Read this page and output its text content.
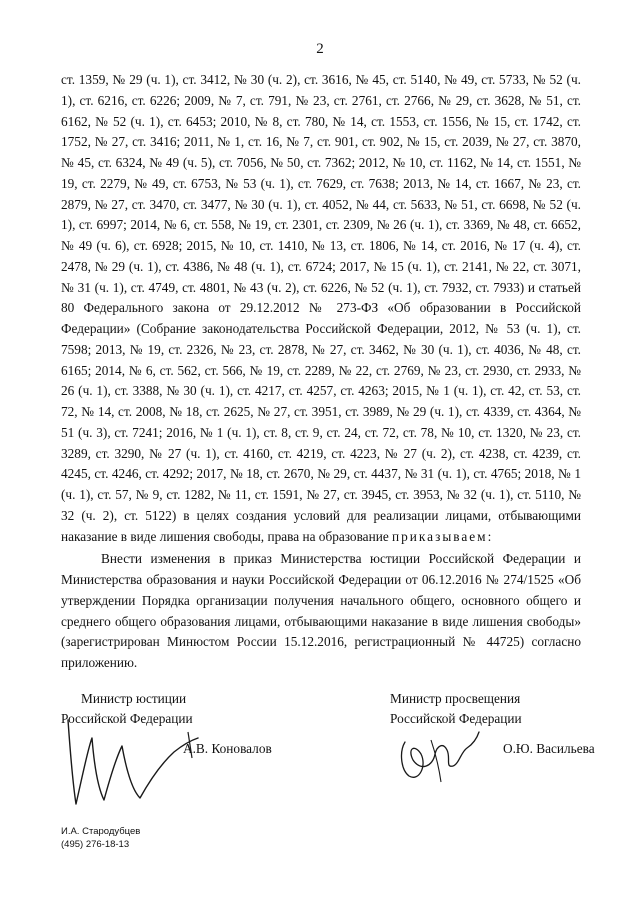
2

ст. 1359, № 29 (ч. 1), ст. 3412, № 30 (ч. 2), ст. 3616, № 45, ст. 5140, № 49, ст. 5733, № 52 (ч. 1), ст. 6216, ст. 6226; 2009, № 7, ст. 791, № 23, ст. 2761, ст. 2766, № 29, ст. 3628, № 51, ст. 6162, № 52 (ч. 1), ст. 6453; 2010, № 8, ст. 780, № 14, ст. 1553, ст. 1556, № 15, ст. 1742, ст. 1752, № 27, ст. 3416; 2011, № 1, ст. 16, № 7, ст. 901, ст. 902, № 15, ст. 2039, № 27, ст. 3870, № 45, ст. 6324, № 49 (ч. 5), ст. 7056, № 50, ст. 7362; 2012, № 10, ст. 1162, № 14, ст. 1551, № 19, ст. 2279, № 49, ст. 6753, № 53 (ч. 1), ст. 7629, ст. 7638; 2013, № 14, ст. 1667, № 23, ст. 2879, № 27, ст. 3470, ст. 3477, № 30 (ч. 1), ст. 4052, № 44, ст. 5633, № 51, ст. 6698, № 52 (ч. 1), ст. 6997; 2014, № 6, ст. 558, № 19, ст. 2301, ст. 2309, № 26 (ч. 1), ст. 3369, № 48, ст. 6652, № 49 (ч. 6), ст. 6928; 2015, № 10, ст. 1410, № 13, ст. 1806, № 14, ст. 2016, № 17 (ч. 4), ст. 2478, № 29 (ч. 1), ст. 4386, № 48 (ч. 1), ст. 6724; 2017, № 15 (ч. 1), ст. 2141, № 22, ст. 3071, № 31 (ч. 1), ст. 4749, ст. 4801, № 43 (ч. 2), ст. 6226, № 52 (ч. 1), ст. 7932, ст. 7933) и статьей 80 Федерального закона от 29.12.2012 № 273-ФЗ «Об образовании в Российской Федерации» (Собрание законодательства Российской Федерации, 2012, № 53 (ч. 1), ст. 7598; 2013, № 19, ст. 2326, № 23, ст. 2878, № 27, ст. 3462, № 30 (ч. 1), ст. 4036, № 48, ст. 6165; 2014, № 6, ст. 562, ст. 566, № 19, ст. 2289, № 22, ст. 2769, № 23, ст. 2930, ст. 2933, № 26 (ч. 1), ст. 3388, № 30 (ч. 1), ст. 4217, ст. 4257, ст. 4263; 2015, № 1 (ч. 1), ст. 42, ст. 53, ст. 72, № 14, ст. 2008, № 18, ст. 2625, № 27, ст. 3951, ст. 3989, № 29 (ч. 1), ст. 4339, ст. 4364, № 51 (ч. 3), ст. 7241; 2016, № 1 (ч. 1), ст. 8, ст. 9, ст. 24, ст. 72, ст. 78, № 10, ст. 1320, № 23, ст. 3289, ст. 3290, № 27 (ч. 1), ст. 4160, ст. 4219, ст. 4223, № 27 (ч. 2), ст. 4238, ст. 4239, ст. 4245, ст. 4246, ст. 4292; 2017, № 18, ст. 2670, № 29, ст. 4437, № 31 (ч. 1), ст. 4765; 2018, № 1 (ч. 1), ст. 57, № 9, ст. 1282, № 11, ст. 1591, № 27, ст. 3945, ст. 3953, № 32 (ч. 1), ст. 5110, № 32 (ч. 2), ст. 5122) в целях создания условий для реализации лицами, отбывающими наказание в виде лишения свободы, права на образование приказываем:

Внести изменения в приказ Министерства юстиции Российской Федерации и Министерства образования и науки Российской Федерации от 06.12.2016 № 274/1525 «Об утверждении Порядка организации получения начального общего, основного общего и среднего общего образования лицами, отбывающими наказание в виде лишения свободы» (зарегистрирован Минюстом России 15.12.2016, регистрационный № 44725) согласно приложению.

Министр юстиции
Российской Федерации
А.В. Коновалов
Министр просвещения
Российской Федерации
О.Ю. Васильева
И.А. Стародубцев
(495) 276-18-13
